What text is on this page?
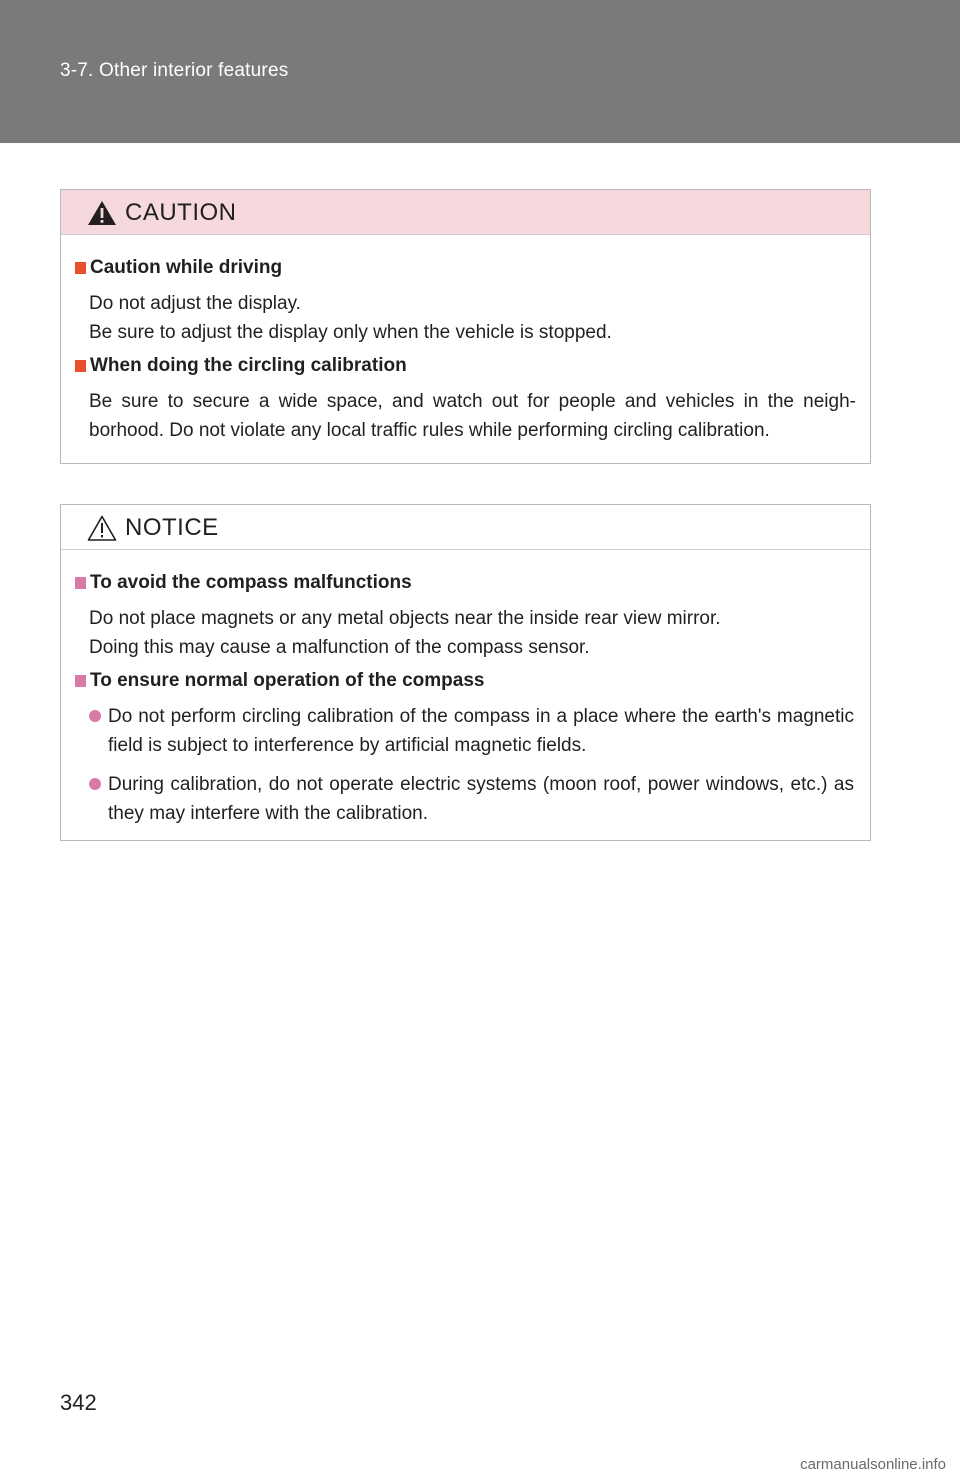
3-7. Other interior features
CAUTION
Caution while driving
Do not adjust the display.
Be sure to adjust the display only when the vehicle is stopped.
When doing the circling calibration
Be sure to secure a wide space, and watch out for people and vehicles in the neigh-borhood. Do not violate any local traffic rules while performing circling calibration.
NOTICE
To avoid the compass malfunctions
Do not place magnets or any metal objects near the inside rear view mirror.
Doing this may cause a malfunction of the compass sensor.
To ensure normal operation of the compass
Do not perform circling calibration of the compass in a place where the earth's magnetic field is subject to interference by artificial magnetic fields.
During calibration, do not operate electric systems (moon roof, power windows, etc.) as they may interfere with the calibration.
342
carmanualsonline.info
